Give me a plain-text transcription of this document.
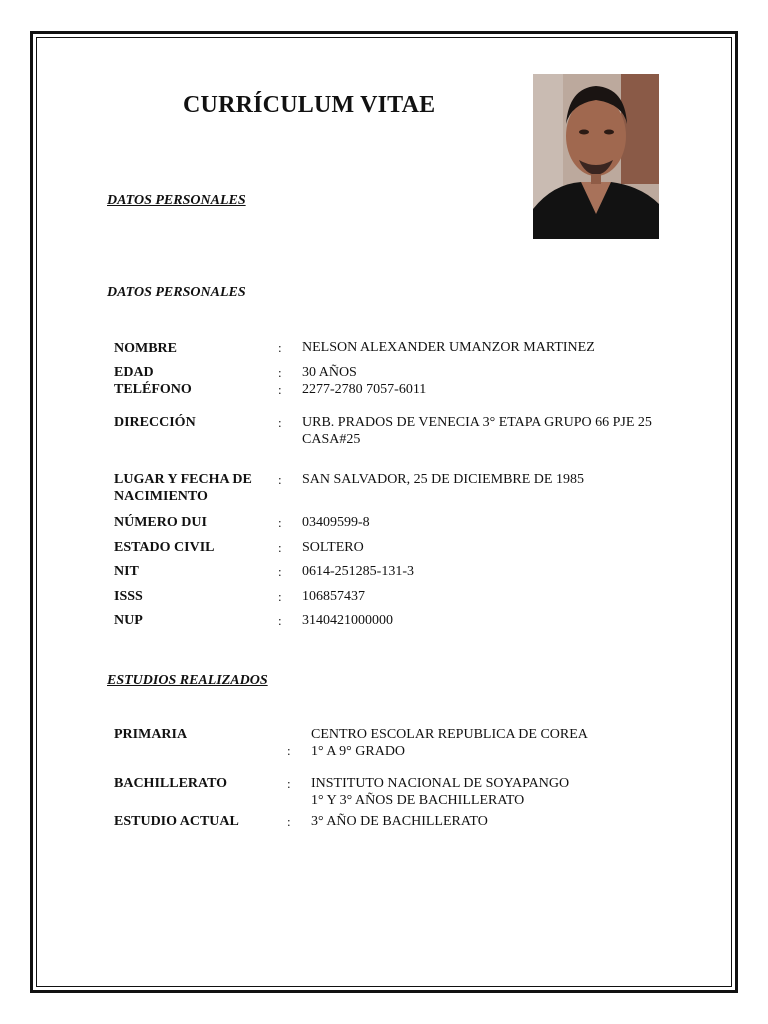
CURRÍCULUM VITAE
DATOS PERSONALES
DATOS PERSONALES
NOMBRE	: NELSON ALEXANDER UMANZOR MARTINEZ
EDAD	: 30 AÑOS
TELÉFONO	: 2277-2780 7057-6011
DIRECCIÓN	: URB. PRADOS DE VENECIA 3° ETAPA GRUPO 66 PJE 25
CASA#25
LUGAR Y FECHA DE
NACIMIENTO
: SAN SALVADOR, 25 DE DICIEMBRE DE 1985
NÚMERO DUI	: 03409599-8
ESTADO CIVIL	: SOLTERO
NIT	: 0614-251285-131-3
ISSS	: 106857437
NUP	: 3140421000000
ESTUDIOS REALIZADOS
PRIMARIA
:
CENTRO ESCOLAR REPUBLICA DE COREA
1° A 9° GRADO
BACHILLERATO	: INSTITUTO NACIONAL DE SOYAPANGO
1° Y 3° AÑOS DE BACHILLERATO
ESTUDIO ACTUAL	: 3° AÑO DE BACHILLERATO
